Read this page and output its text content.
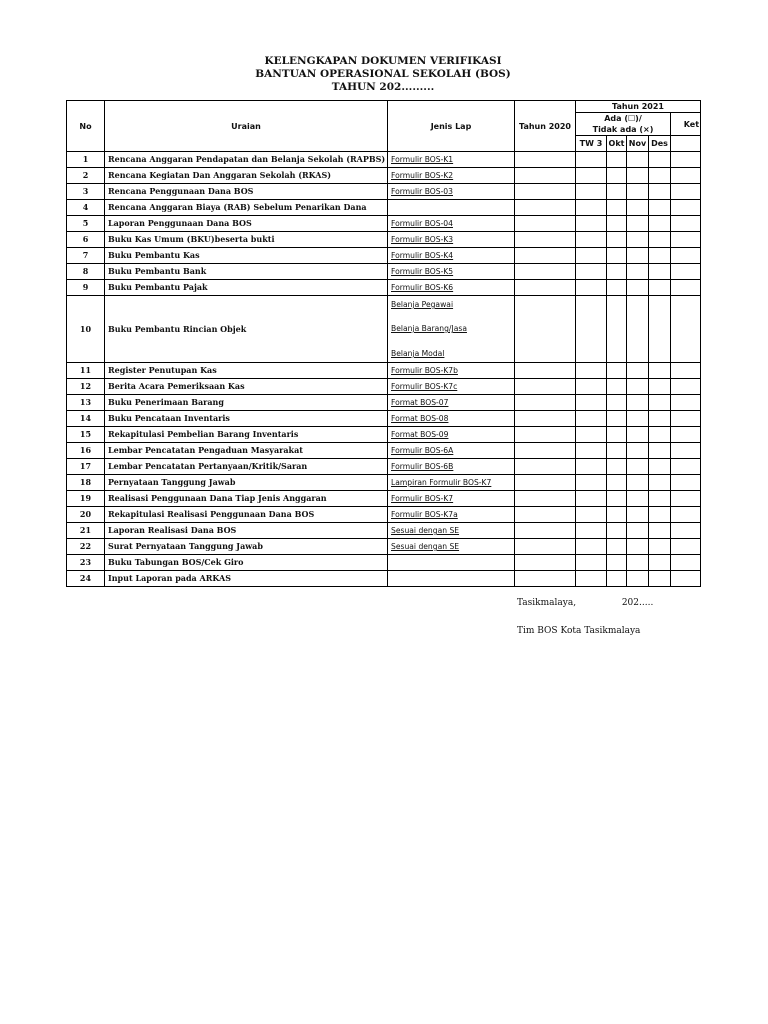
KELENGKAPAN DOKUMEN VERIFIKASI
BANTUAN OPERASIONAL SEKOLAH (BOS)
TAHUN 202.........
No	Uraian	Jenis Lap	Tahun 2020	Tahun 2021				
				Ada (☐)/				Ket
				Tidak ada (×)				
				TW 3	Okt	Nov	Des	
1	Rencana Anggaran Pendapatan dan Belanja Sekolah (RAPBS)	Formulir BOS-K1						

2	Rencana Kegiatan Dan Anggaran Sekolah (RKAS)	Formulir BOS-K2						

3	Rencana Penggunaan Dana BOS	Formulir BOS-03						

4	Rencana Anggaran Biaya (RAB) Sebelum Penarikan Dana	

5	Laporan Penggunaan Dana BOS	Formulir BOS-04						

6	Buku Kas Umum (BKU)beserta bukti	Formulir BOS-K3						

7	Buku Pembantu Kas	Formulir BOS-K4						

8	Buku Pembantu Bank	Formulir BOS-K5						

9	Buku Pembantu Pajak	Formulir BOS-K6						

10	Buku Pembantu Rincian Objek	Belanja Pegawai
Belanja Barang/Jasa
Belanja Modal						

11	Register Penutupan Kas	Formulir BOS-K7b						

12	Berita Acara Pemeriksaan Kas	Formulir BOS-K7c						

13	Buku Penerimaan Barang	Format BOS-07						

14	Buku Pencataan Inventaris	Format BOS-08						

15	Rekapitulasi Pembelian Barang Inventaris	Format BOS-09						

16	Lembar Pencatatan Pengaduan Masyarakat	Formulir BOS-6A						

17	Lembar Pencatatan Pertanyaan/Kritik/Saran	Formulir BOS-6B						

18	Pernyataan Tanggung Jawab	Lampiran Formulir BOS-K7						

19	Realisasi Penggunaan Dana Tiap Jenis Anggaran	Formulir BOS-K7						

20	Rekapitulasi Realisasi Penggunaan Dana BOS	Formulir BOS-K7a						

21	Laporan Realisasi Dana BOS	Sesuai dengan SE						

22	Surat Pernyataan Tanggung Jawab	Sesuai dengan SE						

23	Buku Tabungan BOS/Cek Giro	

24	Input Laporan pada ARKAS	

Tasikmalaya,	202.....
Tim BOS Kota Tasikmalaya
